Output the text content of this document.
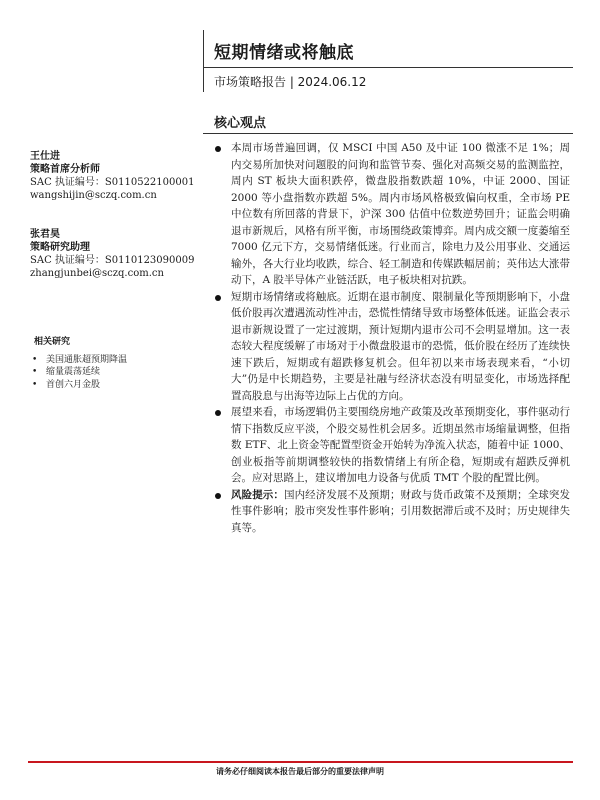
短期情绪或将触底
市场策略报告 | 2024.06.12
核心观点
王仕进
策略首席分析师
SAC 执证编号：S0110522100001
wangshijin@sczq.com.cn
张君昊
策略研究助理
SAC 执证编号：S0110123090009
zhangjunbei@sczq.com.cn
相关研究
• 美国通胀超预期降温
• 缩量震荡延续
• 首创六月金股
本周市场普遍回调，仅 MSCI 中国 A50 及中证 100 微涨不足 1%；周内交易所加快对问题股的问询和监管节奏、强化对高频交易的监测监控，周内 ST 板块大面积跌停，微盘股指数跌超 10%，中证 2000、国证 2000 等小盘指数亦跌超 5%。周内市场风格极致偏向权重，全市场 PE 中位数有所回落的背景下，沪深 300 估值中位数逆势回升；证监会明确退市新规后，风格有所平衡，市场围绕政策博弈。周内成交额一度萎缩至 7000 亿元下方，交易情绪低迷。行业而言，除电力及公用事业、交通运输外，各大行业均收跌，综合、轻工制造和传媒跌幅居前；英伟达大涨带动下，A 股半导体产业链活跃，电子板块相对抗跌。
短期市场情绪或将触底。近期在退市制度、限制量化等预期影响下，小盘低价股再次遭遇流动性冲击，恐慌性情绪导致市场整体低迷。证监会表示退市新规设置了一定过渡期，预计短期内退市公司不会明显增加。这一表态较大程度缓解了市场对于小微盘股退市的恐慌，低价股在经历了连续快速下跌后，短期或有超跌修复机会。但年初以来市场表现来看，“小切大”仍是中长期趋势，主要是社融与经济状态没有明显变化，市场选择配置高股息与出海等边际上占优的方向。
展望来看，市场逻辑仍主要围绕房地产政策及改革预期变化，事件驱动行情下指数反应平淡，个股交易性机会居多。近期虽然市场缩量调整，但指数 ETF、北上资金等配置型资金开始转为净流入状态，随着中证 1000、创业板指等前期调整较快的指数情绪上有所企稳，短期或有超跌反弹机会。应对思路上，建议增加电力设备与优质 TMT 个股的配置比例。
风险提示：国内经济发展不及预期；财政与货币政策不及预期；全球突发性事件影响；股市突发性事件影响；引用数据滞后或不及时；历史规律失真等。
请务必仔细阅读本报告最后部分的重要法律声明
